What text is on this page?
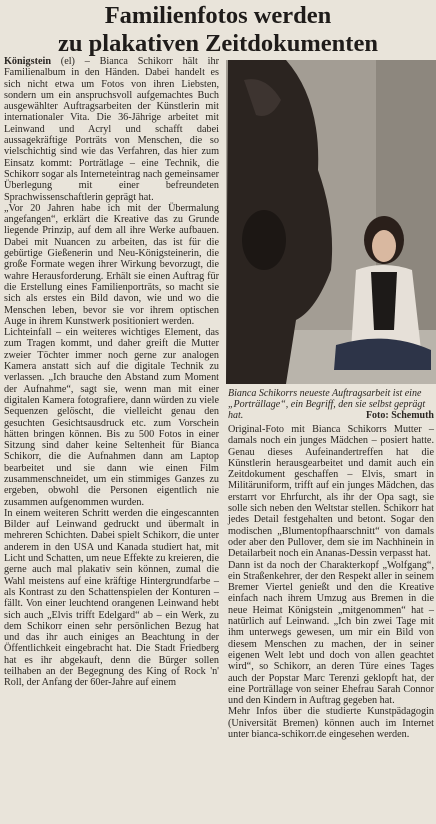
Familienfotos werden
zu plakativen Zeitdokumenten

Königstein (el) – Bianca Schikorr hält ihr Familienalbum in den Händen. Dabei handelt es sich nicht etwa um Fotos von ihren Liebsten, sondern um ein anspruchsvoll aufgemachtes Buch ausgewählter Auftragsarbeiten der Künstlerin mit internationaler Vita. Die 36-Jährige arbeitet mit Leinwand und Acryl und schafft dabei aussagekräftige Porträts von Menschen, die so vielschichtig sind wie das Verfahren, das hier zum Einsatz kommt: Porträtlage – eine Technik, die Schikorr sogar als Interneteintrag nach gemeinsamer Überlegung mit einer befreundeten Sprachwissenschaftlerin geprägt hat.

„Vor 20 Jahren habe ich mit der Übermalung angefangen“, erklärt die Kreative das zu Grunde liegende Prinzip, auf dem all ihre Werke aufbauen. Dabei mit Nuancen zu arbeiten, das ist für die gebürtige Gießenerin und Neu-Königsteinerin, die große Formate wegen ihrer Wirkung bevorzugt, die wahre Herausforderung. Erhält sie einen Auftrag für die Erstellung eines Familienporträts, so macht sie sich als erstes ein Bild davon, wie und wo die Menschen leben, bevor sie vor ihrem optischen Auge in ihrem Kunstwerk positioniert werden.

Lichteinfall – ein weiteres wichtiges Element, das zum Tragen kommt, und daher greift die Mutter zweier Töchter immer noch gerne zur analogen Kamera anstatt sich auf die digitale Technik zu verlassen. „Ich brauche den Abstand zum Moment der Aufnahme“, sagt sie, wenn man mit einer digitalen Kamera fotografiere, dann würden zu viele Sequenzen gelöscht, die vielleicht genau den gesuchten Gesichtsausdruck etc. zum Vorschein hätten bringen können. Bis zu 500 Fotos in einer Sitzung sind daher keine Seltenheit für Bianca Schikorr, die die Aufnahmen dann am Laptop bearbeitet und sie dann wie einen Film zusammenschneidet, um ein stimmiges Ganzes zu ergeben, obwohl die Personen eigentlich nie zusammen aufgenommen wurden.

In einem weiteren Schritt werden die eingescannten Bilder auf Leinwand gedruckt und übermalt in mehreren Schichten. Dabei spielt Schikorr, die unter anderem in den USA und Kanada studiert hat, mit Licht und Schatten, um neue Effekte zu kreieren, die gerne auch mal plakativ sein können, zumal die Wahl meistens auf eine kräftige Hintergrundfarbe – als Kontrast zu den Schattenspielen der Konturen – fällt. Von einer leuchtend orangenen Leinwand hebt sich auch „Elvis trifft Edelgard“ ab – ein Werk, zu dem Schikorr einen sehr persönlichen Bezug hat und das ihr auch einiges an Beachtung in der Öffentlichkeit eingebracht hat. Die Stadt Friedberg hat es ihr abgekauft, denn die Bürger sollen teilhaben an der Begegnung des King of Rock 'n' Roll, der Anfang der 60er-Jahre auf einem

Bianca Schikorrs neueste Auftragsarbeit ist eine „Porträllage“, ein Begriff, den sie selbst geprägt hat.	Foto: Schemuth

Original-Foto mit Bianca Schikorrs Mutter – damals noch ein junges Mädchen – posiert hatte. Genau dieses Aufeinandertreffen hat die Künstlerin herausgearbeitet und damit auch ein Zeitdokument geschaffen – Elvis, smart in Militäruniform, trifft auf ein junges Mädchen, das erstarrt vor Ehrfurcht, als ihr der Opa sagt, sie solle sich neben den Weltstar stellen. Schikorr hat jedes Detail festgehalten und betont. Sogar den modischen „Blumentopfhaarschnitt“ von damals oder aber den Pullover, dem sie im Nachhinein in Detailarbeit noch ein Ananas-Dessin verpasst hat.

Dann ist da noch der Charakterkopf „Wolfgang“, ein Straßenkehrer, der den Respekt aller in seinem Bremer Viertel genießt und den die Kreative einfach nach ihrem Umzug aus Bremen in die neue Heimat Königstein „mitgenommen“ hat – natürlich auf Leinwand. „Ich bin zwei Tage mit ihm unterwegs gewesen, um mir ein Bild von diesem Menschen zu machen, der in seiner eigenen Welt lebt und doch von allen geachtet wird“, so Schikorr, an deren Türe eines Tages auch der Popstar Marc Terenzi geklopft hat, der eine Porträllage von seiner Ehefrau Sarah Connor und den Kindern in Auftrag gegeben hat.

Mehr Infos über die studierte Kunstpädagogin (Universität Bremen) können auch im Internet unter bianca-schikorr.de eingesehen werden.
